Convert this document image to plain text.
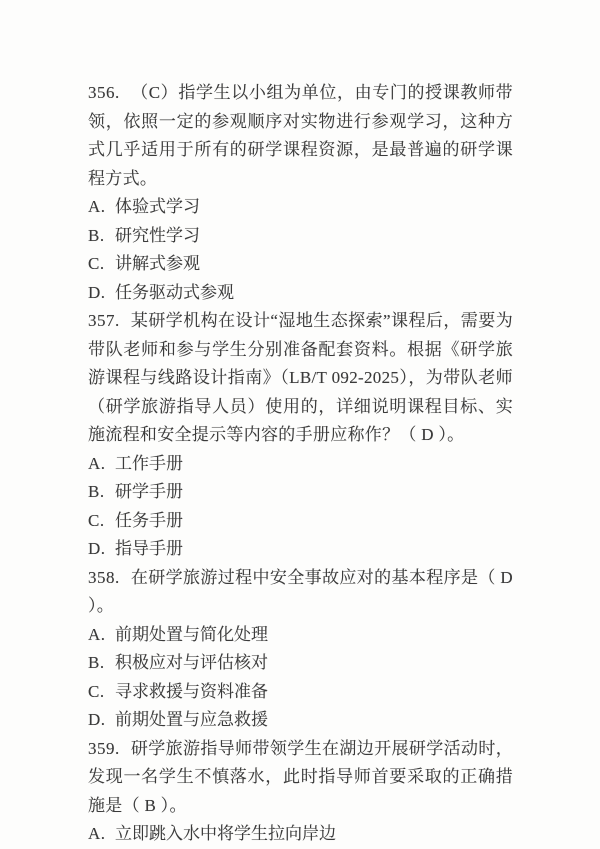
356. （C）指学生以小组为单位，由专门的授课教师带领，依照一定的参观顺序对实物进行参观学习，这种方式几乎适用于所有的研学课程资源，是最普遍的研学课程方式。

A. 体验式学习

B. 研究性学习

C. 讲解式参观

D. 任务驱动式参观

357. 某研学机构在设计“湿地生态探索”课程后，需要为带队老师和参与学生分别准备配套资料。根据《研学旅游课程与线路设计指南》（LB/T 092-2025），为带队老师（研学旅游指导人员）使用的，详细说明课程目标、实施流程和安全提示等内容的手册应称作？（ D ）。

A. 工作手册

B. 研学手册

C. 任务手册

D. 指导手册

358. 在研学旅游过程中安全事故应对的基本程序是（ D ）。

A. 前期处置与简化处理

B. 积极应对与评估核对

C. 寻求救援与资料准备

D. 前期处置与应急救援

359. 研学旅游指导师带领学生在湖边开展研学活动时，发现一名学生不慎落水，此时指导师首要采取的正确措施是（ B ）。

A. 立即跳入水中将学生拉向岸边
